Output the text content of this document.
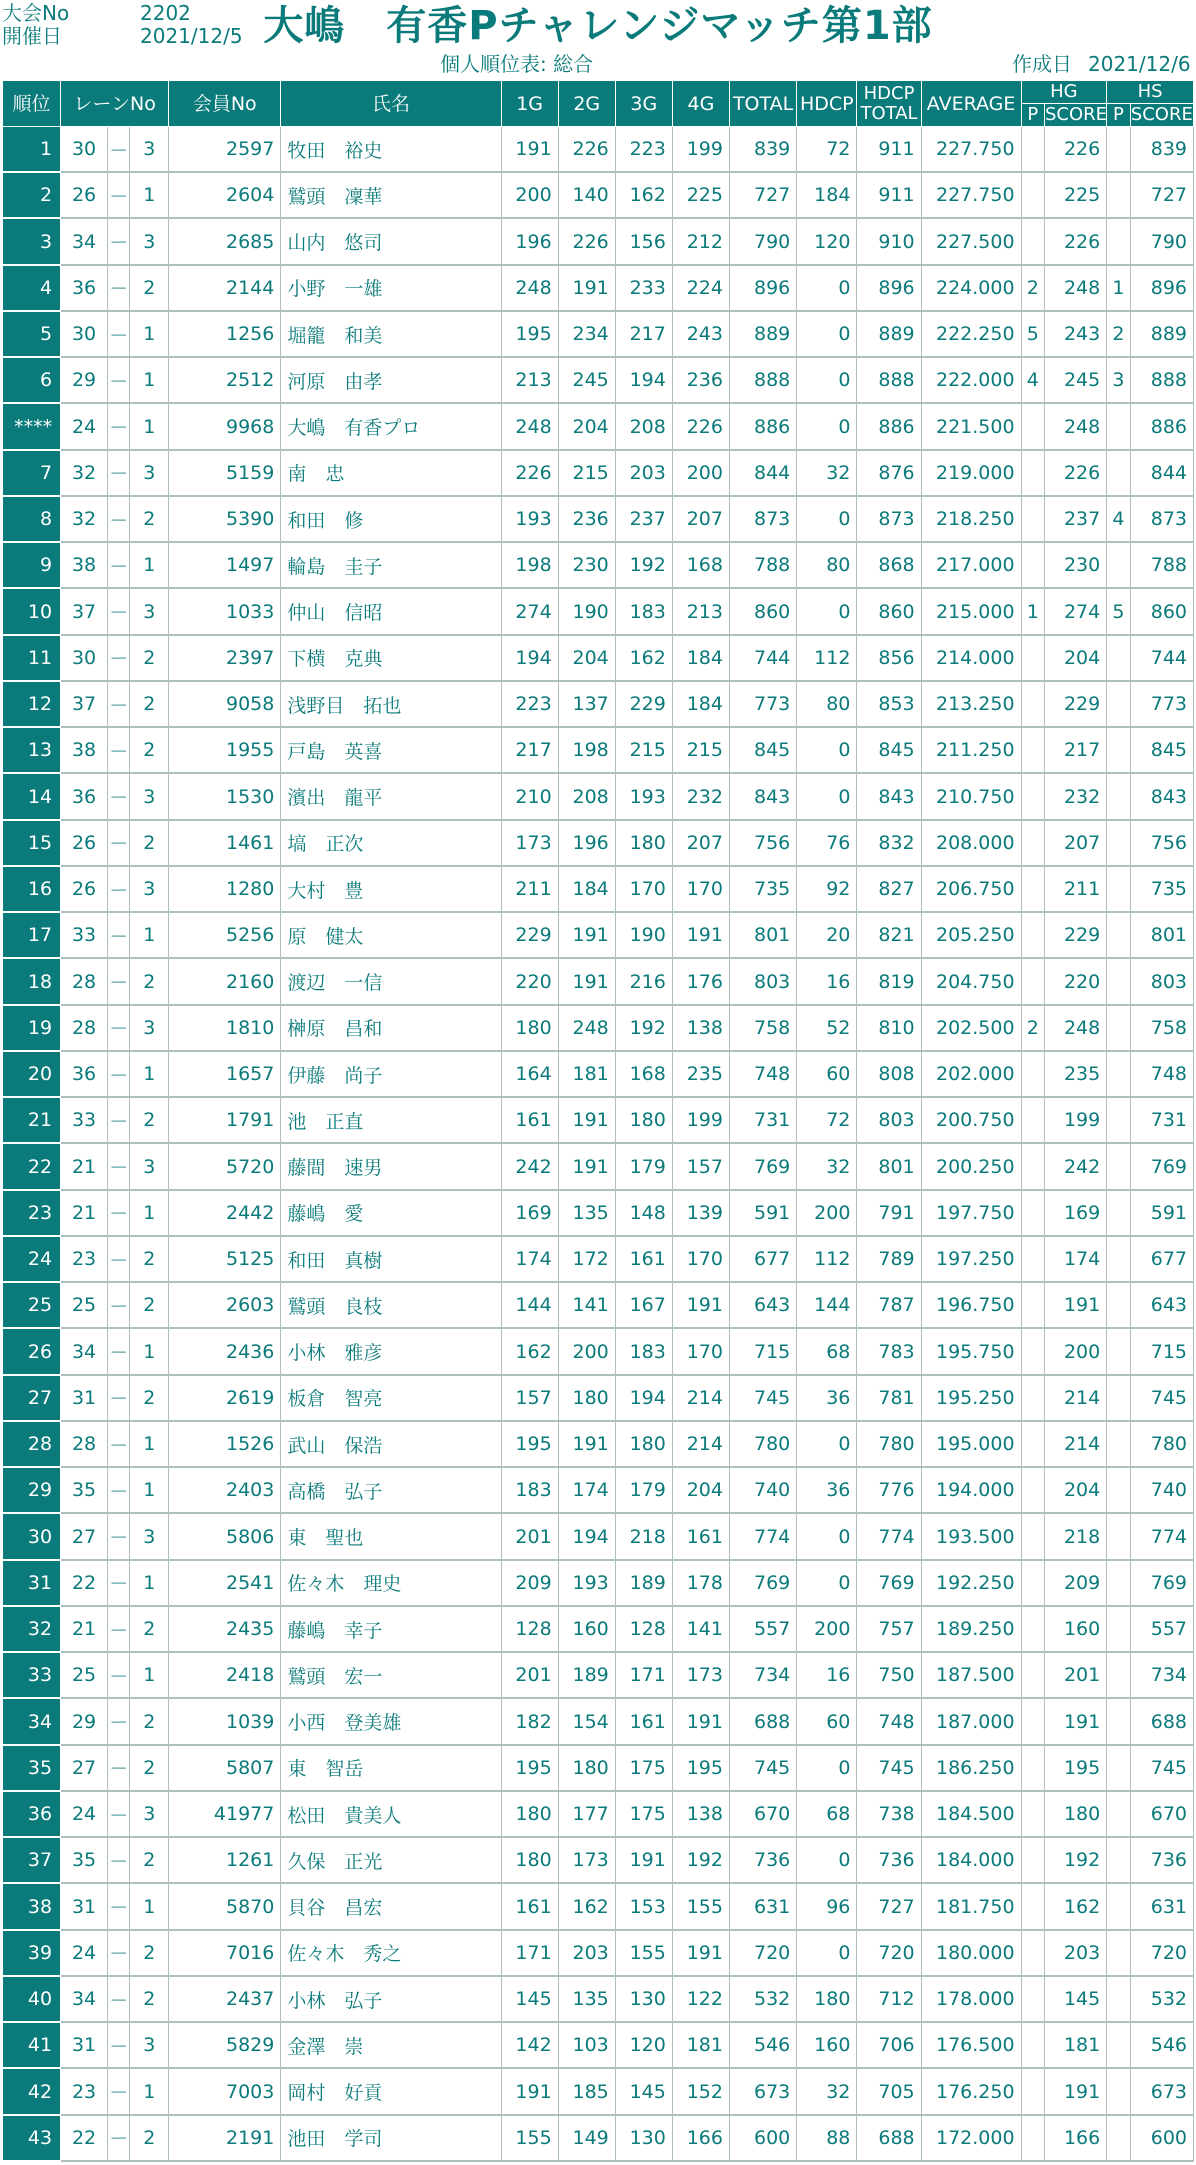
大会No	2202
開催日	2021/12/5 大嶋　有香Pチャレンジマッチ第1部
個人順位表: 総合	作成日 2021/12/6
順位	レーンNo			会員No	氏名	1G	2G	3G	4G	TOTAL	HDCP	HDCP
TOTAL	AVERAGE	HG		HS	
														P	SCORE	P	SCORE
1	30	－	3	2597	牧田　裕史	191	226	223	199	839	72	911	227.750		226		839
2	26	－	1	2604	鷲頭　凜華	200	140	162	225	727	184	911	227.750		225		727
3	34	－	3	2685	山内　悠司	196	226	156	212	790	120	910	227.500		226		790
4	36	－	2	2144	小野　一雄	248	191	233	224	896	0	896	224.000	2	248	1	896
5	30	－	1	1256	堀籠　和美	195	234	217	243	889	0	889	222.250	5	243	2	889
6	29	－	1	2512	河原　由孝	213	245	194	236	888	0	888	222.000	4	245	3	888
****	24	－	1	9968	大嶋　有香プロ	248	204	208	226	886	0	886	221.500		248		886
7	32	－	3	5159	南　忠	226	215	203	200	844	32	876	219.000		226		844
8	32	－	2	5390	和田　修	193	236	237	207	873	0	873	218.250		237	4	873
9	38	－	1	1497	輪島　圭子	198	230	192	168	788	80	868	217.000		230		788
10	37	－	3	1033	仲山　信昭	274	190	183	213	860	0	860	215.000	1	274	5	860
11	30	－	2	2397	下横　克典	194	204	162	184	744	112	856	214.000		204		744
12	37	－	2	9058	浅野目　拓也	223	137	229	184	773	80	853	213.250		229		773
13	38	－	2	1955	戸島　英喜	217	198	215	215	845	0	845	211.250		217		845
14	36	－	3	1530	濱出　龍平	210	208	193	232	843	0	843	210.750		232		843
15	26	－	2	1461	塙　正次	173	196	180	207	756	76	832	208.000		207		756
16	26	－	3	1280	大村　豊	211	184	170	170	735	92	827	206.750		211		735
17	33	－	1	5256	原　健太	229	191	190	191	801	20	821	205.250		229		801
18	28	－	2	2160	渡辺　一信	220	191	216	176	803	16	819	204.750		220		803
19	28	－	3	1810	榊原　昌和	180	248	192	138	758	52	810	202.500	2	248		758
20	36	－	1	1657	伊藤　尚子	164	181	168	235	748	60	808	202.000		235		748
21	33	－	2	1791	池　正直	161	191	180	199	731	72	803	200.750		199		731
22	21	－	3	5720	藤間　速男	242	191	179	157	769	32	801	200.250		242		769
23	21	－	1	2442	藤嶋　愛	169	135	148	139	591	200	791	197.750		169		591
24	23	－	2	5125	和田　真樹	174	172	161	170	677	112	789	197.250		174		677
25	25	－	2	2603	鷲頭　良枝	144	141	167	191	643	144	787	196.750		191		643
26	34	－	1	2436	小林　雅彦	162	200	183	170	715	68	783	195.750		200		715
27	31	－	2	2619	板倉　智亮	157	180	194	214	745	36	781	195.250		214		745
28	28	－	1	1526	武山　保浩	195	191	180	214	780	0	780	195.000		214		780
29	35	－	1	2403	高橋　弘子	183	174	179	204	740	36	776	194.000		204		740
30	27	－	3	5806	東　聖也	201	194	218	161	774	0	774	193.500		218		774
31	22	－	1	2541	佐々木　理史	209	193	189	178	769	0	769	192.250		209		769
32	21	－	2	2435	藤嶋　幸子	128	160	128	141	557	200	757	189.250		160		557
33	25	－	1	2418	鷲頭　宏一	201	189	171	173	734	16	750	187.500		201		734
34	29	－	2	1039	小西　登美雄	182	154	161	191	688	60	748	187.000		191		688
35	27	－	2	5807	東　智岳	195	180	175	195	745	0	745	186.250		195		745
36	24	－	3	41977	松田　貴美人	180	177	175	138	670	68	738	184.500		180		670
37	35	－	2	1261	久保　正光	180	173	191	192	736	0	736	184.000		192		736
38	31	－	1	5870	貝谷　昌宏	161	162	153	155	631	96	727	181.750		162		631
39	24	－	2	7016	佐々木　秀之	171	203	155	191	720	0	720	180.000		203		720
40	34	－	2	2437	小林　弘子	145	135	130	122	532	180	712	178.000		145		532
41	31	－	3	5829	金澤　崇	142	103	120	181	546	160	706	176.500		181		546
42	23	－	1	7003	岡村　好貢	191	185	145	152	673	32	705	176.250		191		673
43	22	－	2	2191	池田　学司	155	149	130	166	600	88	688	172.000		166		600
